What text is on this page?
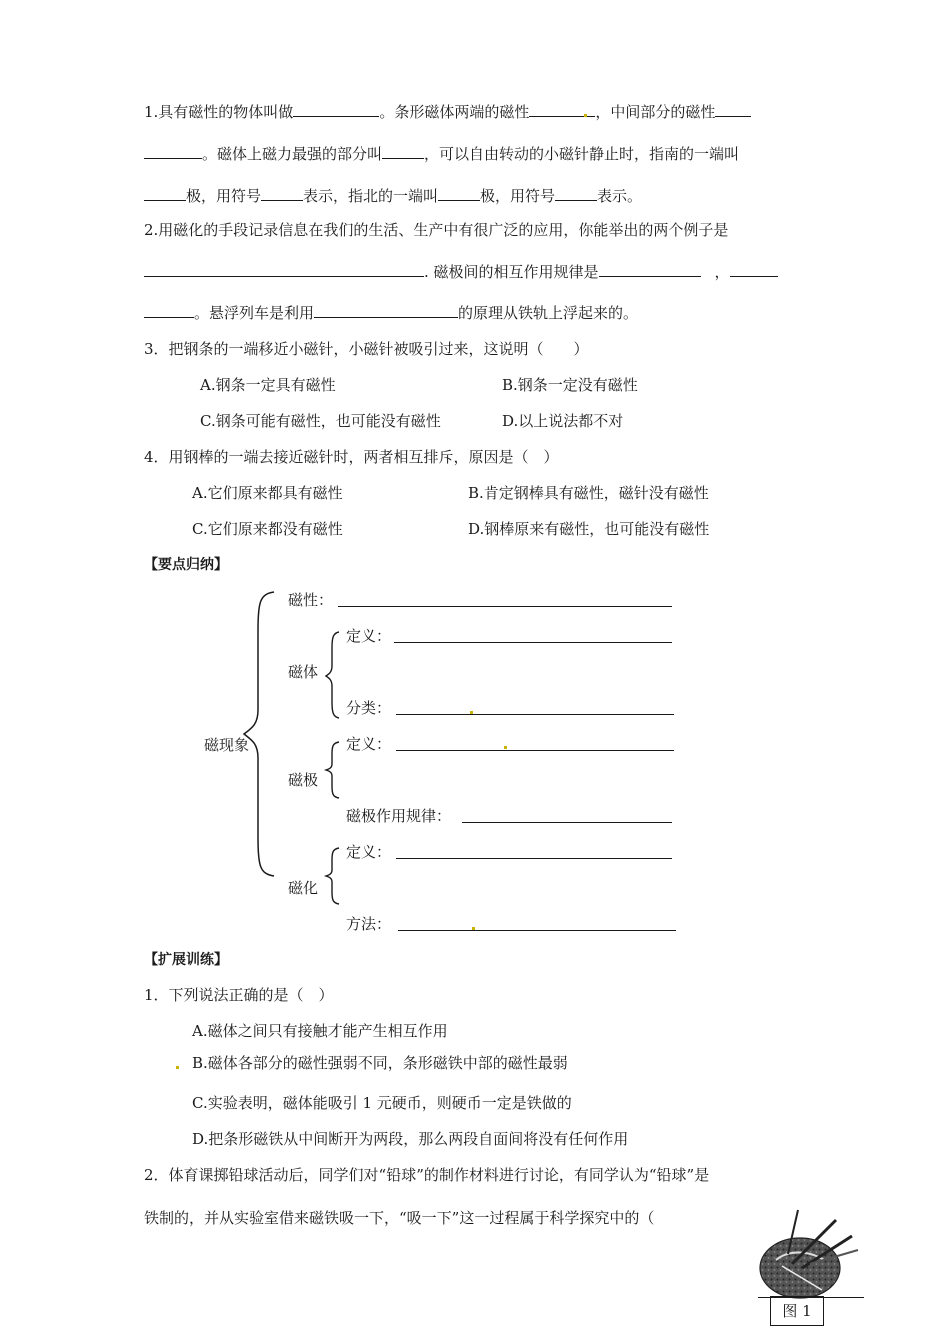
1.具有磁性的物体叫做	。条形磁体两端的磁性	，中间部分的磁性
。磁体上磁力最强的部分叫	，可以自由转动的小磁针静止时，指南的一端叫
极，用符号	表示，指北的一端叫	极，用符号	表示。
2.用磁化的手段记录信息在我们的生活、生产中有很广泛的应用，你能举出的两个例子是
. 磁极间的相互作用规律是	，
。悬浮列车是利用	的原理从铁轨上浮起来的。
3．把钢条的一端移近小磁针，小磁针被吸引过来，这说明（　　）
A.钢条一定具有磁性	B.钢条一定没有磁性
C.钢条可能有磁性，也可能没有磁性	D.以上说法都不对
4．用钢棒的一端去接近磁针时，两者相互排斥，原因是（　）
A.它们原来都具有磁性	B.肯定钢棒具有磁性，磁针没有磁性
C.它们原来都没有磁性	D.钢棒原来有磁性，也可能没有磁性
【要点归纳】
磁现象
磁性：
定义：
磁体
分类：
定义：
磁极
磁极作用规律：
定义：
磁化
方法：
【扩展训练】
1．下列说法正确的是（　）
A.磁体之间只有接触才能产生相互作用
B.磁体各部分的磁性强弱不同，条形磁铁中部的磁性最弱
C.实验表明，磁体能吸引 1 元硬币，则硬币一定是铁做的
D.把条形磁铁从中间断开为两段，那么两段自面间将没有任何作用
2．体育课掷铅球活动后，同学们对“铅球”的制作材料进行讨论，有同学认为“铅球”是
铁制的，并从实验室借来磁铁吸一下，“吸一下”这一过程属于科学探究中的（
图 1
